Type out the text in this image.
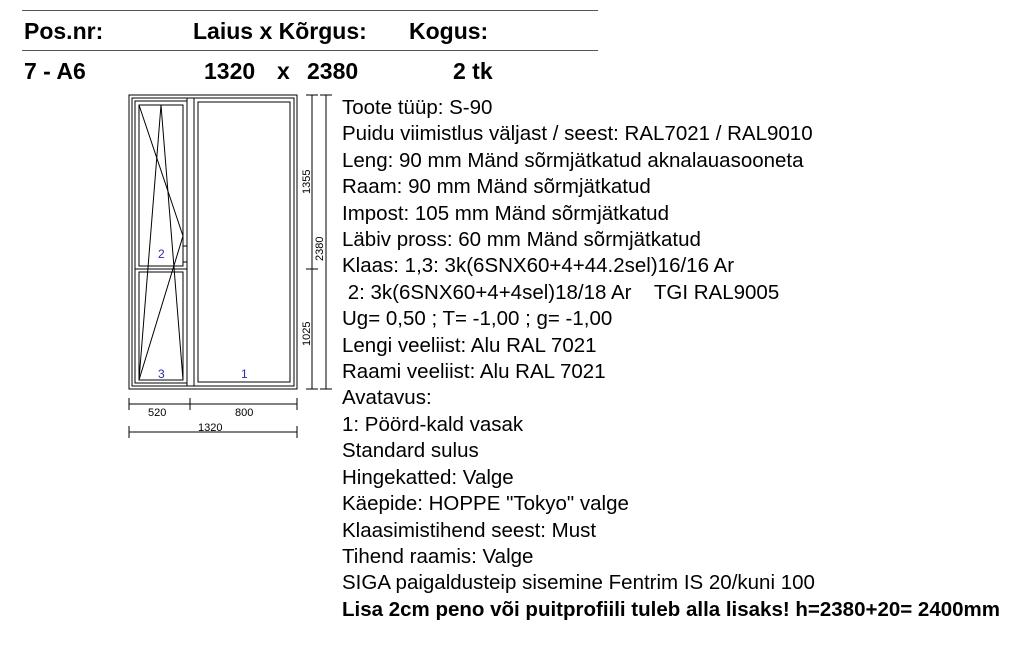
Pos.nr:	Laius x Kõrgus: Kogus:
7 - A6	1320 x 2380	2 tk
2
3	1
520	800
1320
1355
2380
1025
Toote tüüp: S-90
Puidu viimistlus väljast / seest: RAL7021 / RAL9010
Leng: 90 mm Mänd sõrmjätkatud aknalauasooneta
Raam: 90 mm Mänd sõrmjätkatud
Impost: 105 mm Mänd sõrmjätkatud
Läbiv pross: 60 mm Mänd sõrmjätkatud
Klaas: 1,3: 3k(6SNX60+4+44.2sel)16/16 Ar
2: 3k(6SNX60+4+4sel)18/18 Ar    TGI RAL9005
Ug= 0,50 ; T= -1,00 ; g= -1,00
Lengi veeliist: Alu RAL 7021
Raami veeliist: Alu RAL 7021
Avatavus:
1: Pöörd-kald vasak
Standard sulus
Hingekatted: Valge
Käepide: HOPPE "Tokyo" valge
Klaasimistihend seest: Must
Tihend raamis: Valge
SIGA paigaldusteip sisemine Fentrim IS 20/kuni 100
Lisa 2cm peno või puitprofiili tuleb alla lisaks! h=2380+20= 2400mm
